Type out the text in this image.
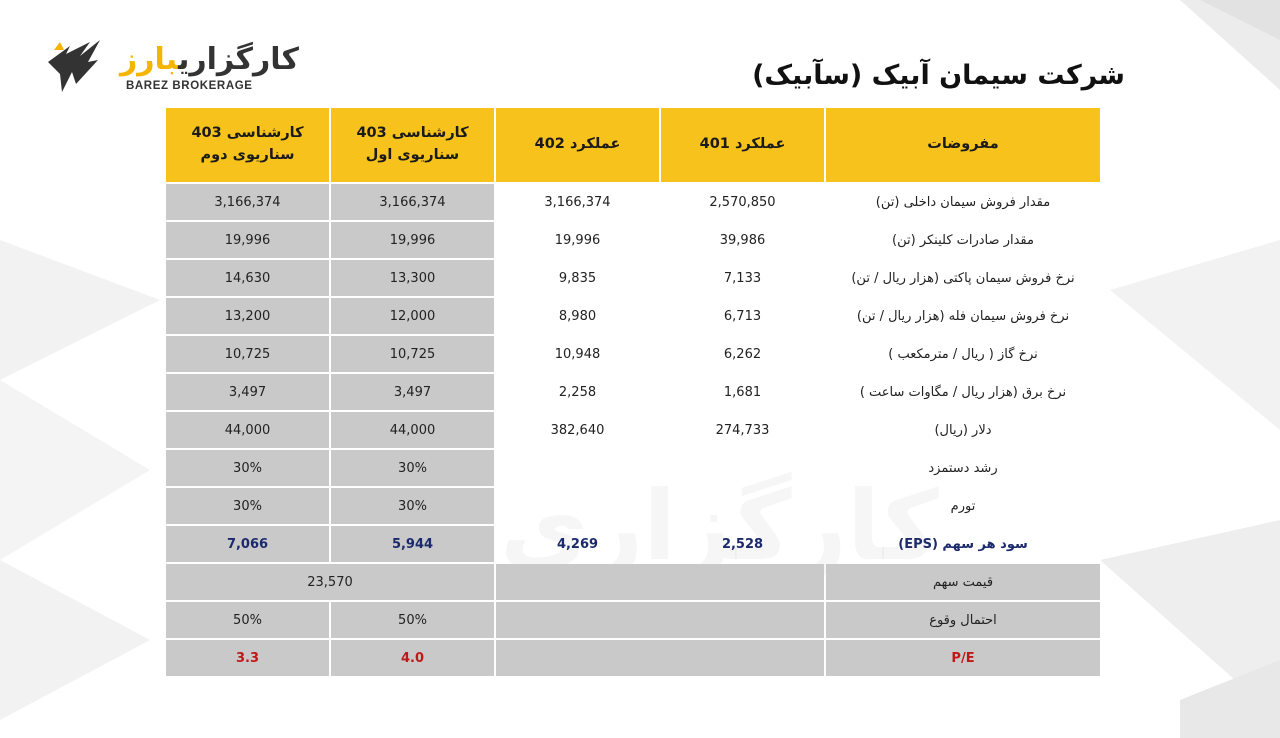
کارگزاریبارز
BAREZ BROKERAGE	شرکت سیمان آبیک (سآبیک)
کارشناسی 403 سناریوی دوم	کارشناسی 403 سناریوی اول	عملکرد 402	عملکرد 401	مفروضات
3,166,374	3,166,374	3,166,374	2,570,850	مقدار فروش سیمان داخلی (تن)
19,996	19,996	19,996	39,986	مقدار صادرات کلینکر (تن)
14,630	13,300	9,835	7,133	نرخ فروش سیمان پاکتی (هزار ریال / تن)
13,200	12,000	8,980	6,713	نرخ فروش سیمان فله (هزار ریال / تن)
10,725	10,725	10,948	6,262	نرخ گاز ( ریال / مترمکعب )
3,497	3,497	2,258	1,681	نرخ برق (هزار ریال / مگاوات ساعت )
44,000	44,000	382,640	274,733	دلار (ریال)
30%	30%			رشد دستمزد
30%	30%			تورم
7,066	5,944	4,269	2,528	سود هر سهم (EPS)
23,570				قیمت سهم
50%	50%			احتمال وقوع
3.3	4.0			P/E
